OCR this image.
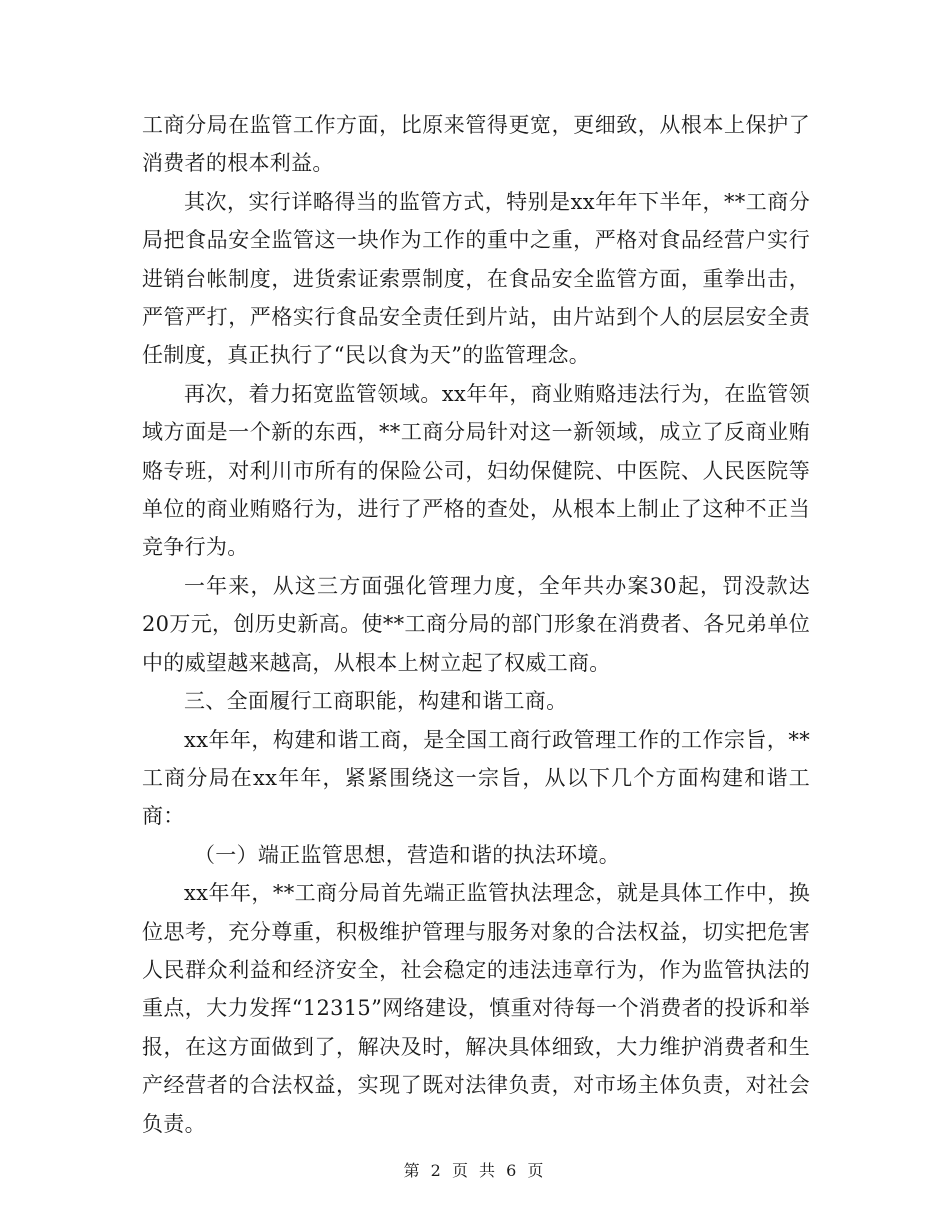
工商分局在监管工作方面，比原来管得更宽，更细致，从根本上保护了消费者的根本利益。

其次，实行详略得当的监管方式，特别是xx年年下半年，**工商分局把食品安全监管这一块作为工作的重中之重，严格对食品经营户实行进销台帐制度，进货索证索票制度，在食品安全监管方面，重拳出击，严管严打，严格实行食品安全责任到片站，由片站到个人的层层安全责任制度，真正执行了“民以食为天”的监管理念。

再次，着力拓宽监管领域。xx年年，商业贿赂违法行为，在监管领域方面是一个新的东西，**工商分局针对这一新领域，成立了反商业贿赂专班，对利川市所有的保险公司，妇幼保健院、中医院、人民医院等单位的商业贿赂行为，进行了严格的查处，从根本上制止了这种不正当竞争行为。

一年来，从这三方面强化管理力度，全年共办案30起，罚没款达20万元，创历史新高。使**工商分局的部门形象在消费者、各兄弟单位中的威望越来越高，从根本上树立起了权威工商。

三、全面履行工商职能，构建和谐工商。

xx年年，构建和谐工商，是全国工商行政管理工作的工作宗旨，**工商分局在xx年年，紧紧围绕这一宗旨，从以下几个方面构建和谐工商：

（一）端正监管思想，营造和谐的执法环境。

xx年年，**工商分局首先端正监管执法理念，就是具体工作中，换位思考，充分尊重，积极维护管理与服务对象的合法权益，切实把危害人民群众利益和经济安全，社会稳定的违法违章行为，作为监管执法的重点，大力发挥“12315”网络建设，慎重对待每一个消费者的投诉和举报，在这方面做到了，解决及时，解决具体细致，大力维护消费者和生产经营者的合法权益，实现了既对法律负责，对市场主体负责，对社会负责。

第 2 页 共 6 页
